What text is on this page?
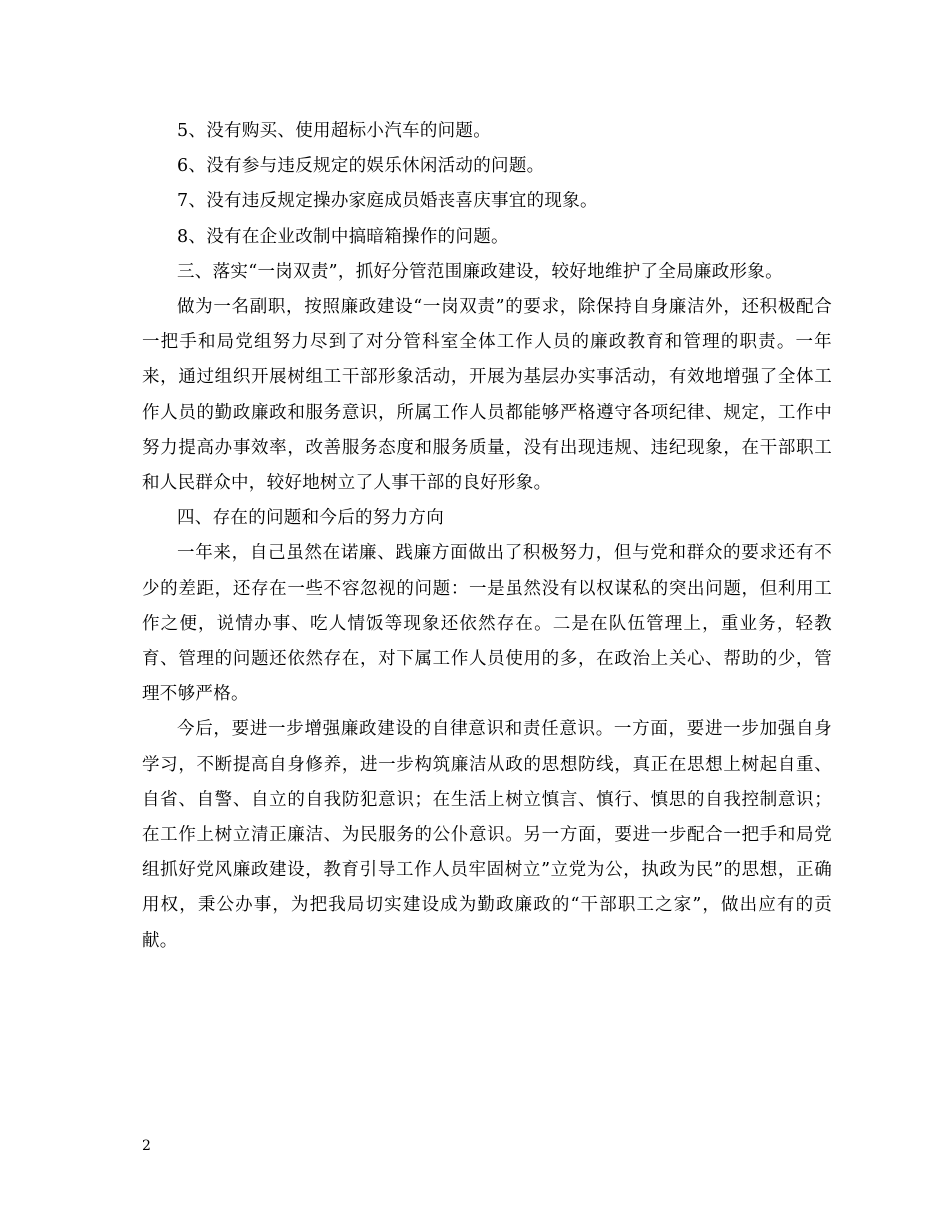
5、没有购买、使用超标小汽车的问题。

6、没有参与违反规定的娱乐休闲活动的问题。

7、没有违反规定操办家庭成员婚丧喜庆事宜的现象。

8、没有在企业改制中搞暗箱操作的问题。

三、落实“一岗双责”，抓好分管范围廉政建设，较好地维护了全局廉政形象。

做为一名副职，按照廉政建设“一岗双责”的要求，除保持自身廉洁外，还积极配合一把手和局党组努力尽到了对分管科室全体工作人员的廉政教育和管理的职责。一年来，通过组织开展树组工干部形象活动，开展为基层办实事活动，有效地增强了全体工作人员的勤政廉政和服务意识，所属工作人员都能够严格遵守各项纪律、规定，工作中努力提高办事效率，改善服务态度和服务质量，没有出现违规、违纪现象，在干部职工和人民群众中，较好地树立了人事干部的良好形象。

四、存在的问题和今后的努力方向

一年来，自己虽然在诺廉、践廉方面做出了积极努力，但与党和群众的要求还有不少的差距，还存在一些不容忽视的问题：一是虽然没有以权谋私的突出问题，但利用工作之便，说情办事、吃人情饭等现象还依然存在。二是在队伍管理上，重业务，轻教育、管理的问题还依然存在，对下属工作人员使用的多，在政治上关心、帮助的少，管理不够严格。

今后，要进一步增强廉政建设的自律意识和责任意识。一方面，要进一步加强自身学习，不断提高自身修养，进一步构筑廉洁从政的思想防线，真正在思想上树起自重、自省、自警、自立的自我防犯意识；在生活上树立慎言、慎行、慎思的自我控制意识；在工作上树立清正廉洁、为民服务的公仆意识。另一方面，要进一步配合一把手和局党组抓好党风廉政建设，教育引导工作人员牢固树立”立党为公，执政为民”的思想，正确用权，秉公办事，为把我局切实建设成为勤政廉政的“干部职工之家”，做出应有的贡献。

2
